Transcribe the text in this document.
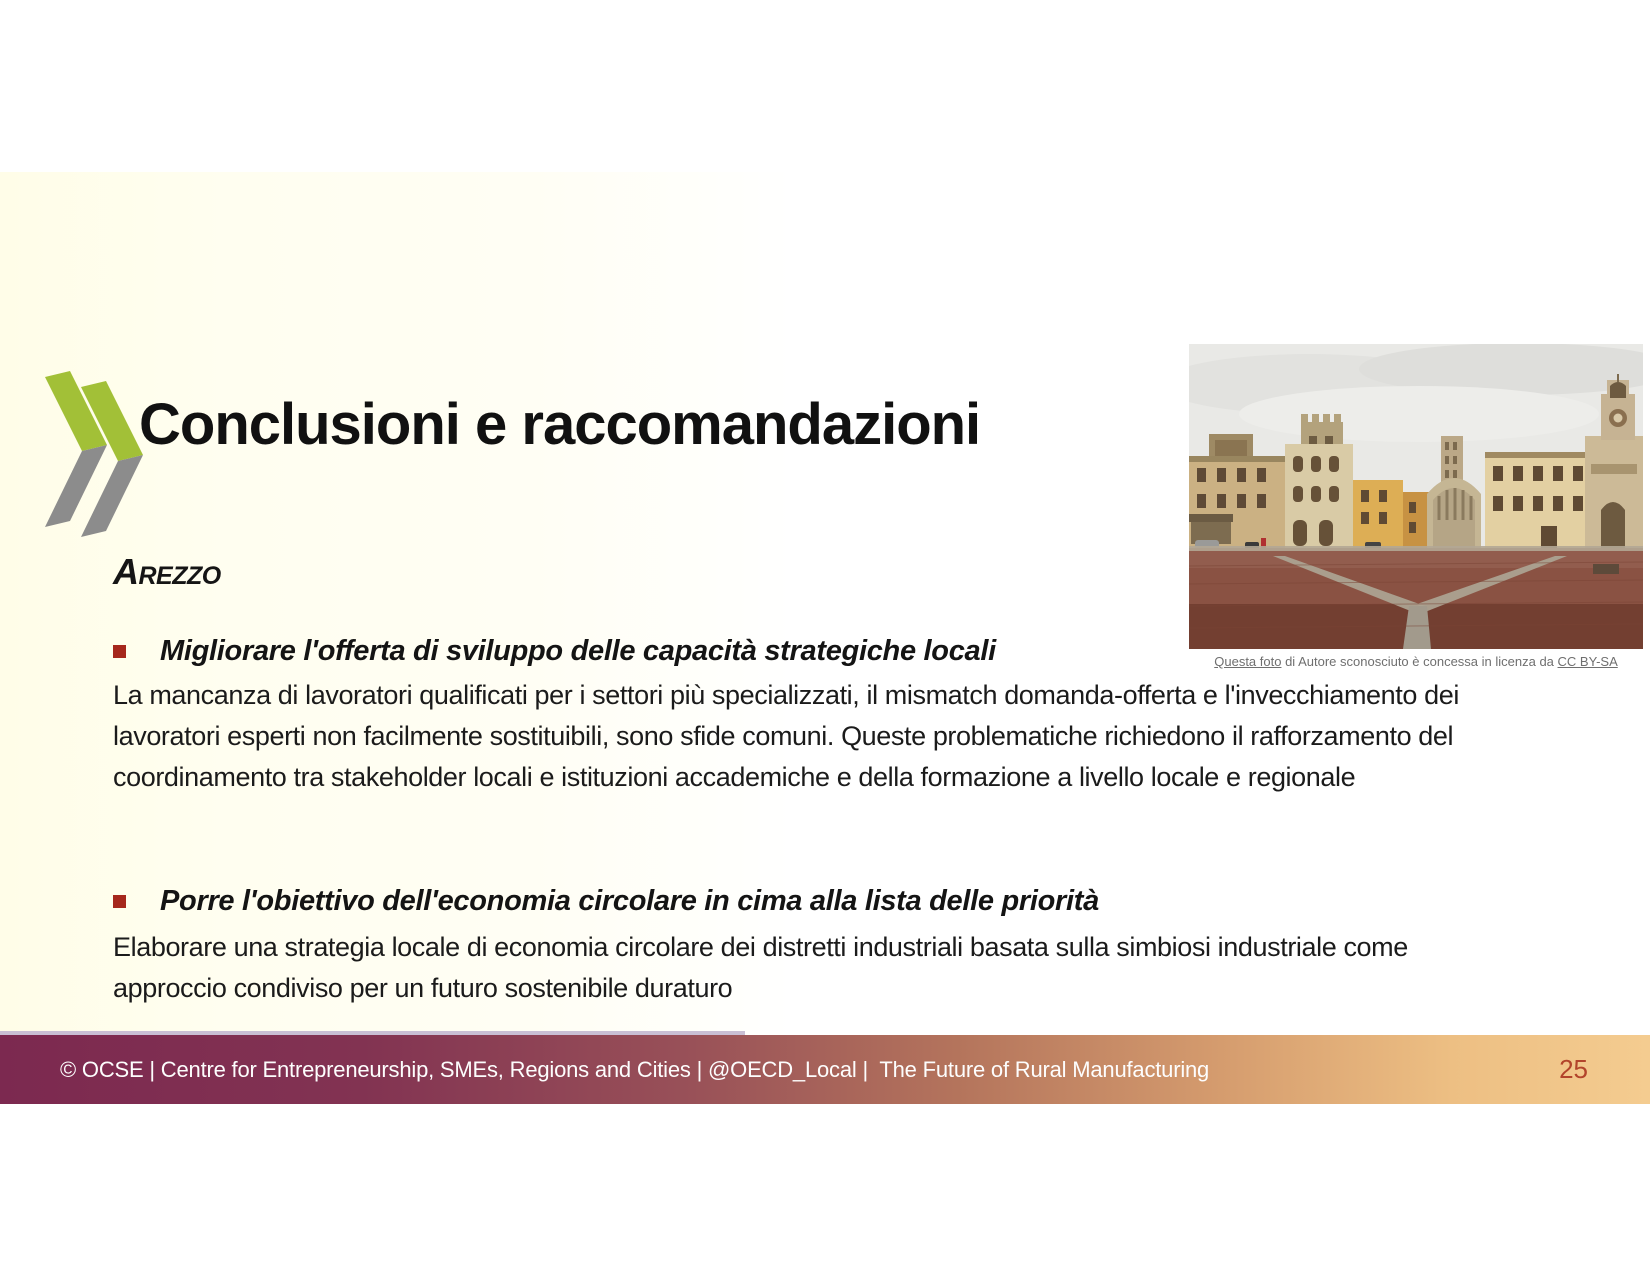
Conclusioni e raccomandazioni
Questa foto di Autore sconosciuto è concessa in licenza da CC BY-SA
Arezzo
Migliorare l'offerta di sviluppo delle capacità strategiche locali
La mancanza di lavoratori qualificati per i settori più specializzati, il mismatch domanda-offerta e l'invecchiamento dei lavoratori esperti non facilmente sostituibili, sono sfide comuni. Queste problematiche richiedono il rafforzamento del coordinamento tra stakeholder locali e istituzioni accademiche e della formazione a livello locale e regionale
Porre l'obiettivo dell'economia circolare in cima alla lista delle priorità
Elaborare una strategia locale di economia circolare dei distretti industriali basata sulla simbiosi industriale come approccio condiviso per un futuro sostenibile duraturo
© OCSE | Centre for Entrepreneurship, SMEs, Regions and Cities | @OECD_Local |  The Future of Rural Manufacturing	25
